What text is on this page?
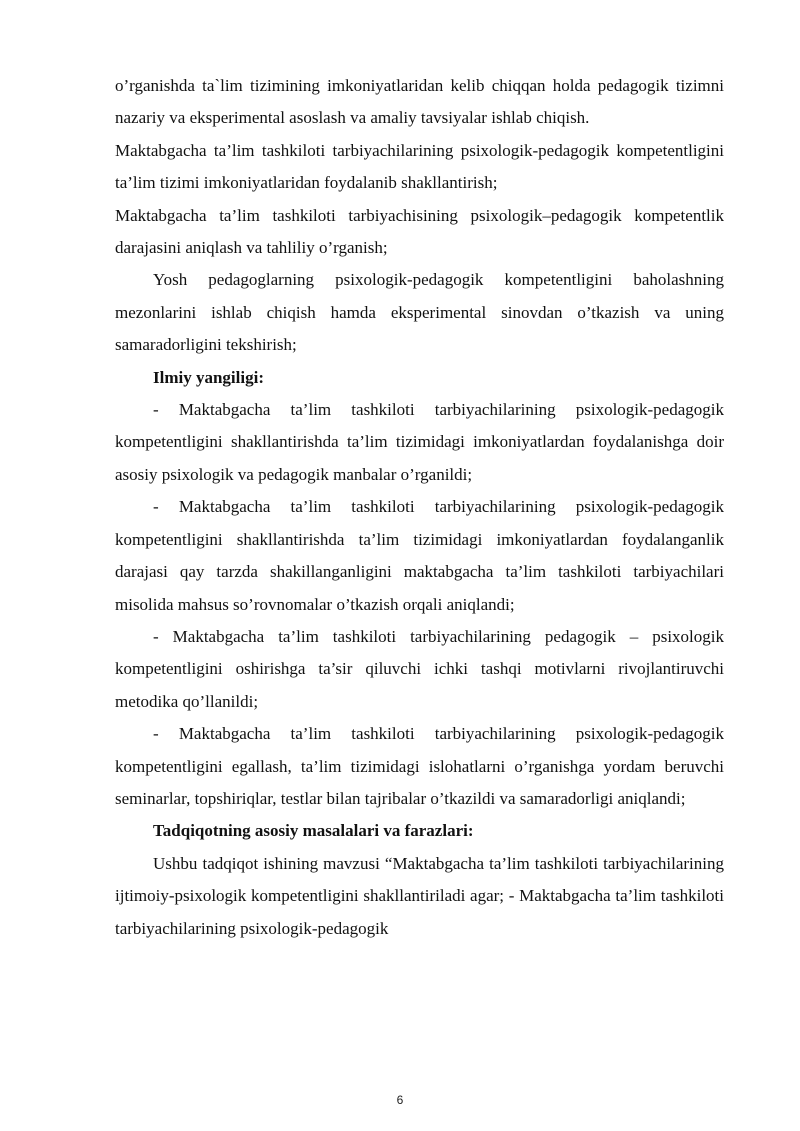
o’rganishda ta`lim tizimining imkoniyatlaridan kelib chiqqan holda pedagogik tizimni nazariy va eksperimental asoslash va amaliy tavsiyalar ishlab chiqish.

Maktabgacha ta’lim tashkiloti tarbiyachilarining psixologik-pedagogik kompetentligini ta’lim tizimi imkoniyatlaridan foydalanib shakllantirish;

Maktabgacha ta’lim tashkiloti tarbiyachisining psixologik–pedagogik kompetentlik darajasini aniqlash va tahliliy o’rganish;

Yosh pedagoglarning psixologik-pedagogik kompetentligini baholashning mezonlarini ishlab chiqish hamda eksperimental sinovdan o’tkazish va uning samaradorligini tekshirish;

Ilmiy yangiligi:

- Maktabgacha ta’lim tashkiloti tarbiyachilarining psixologik-pedagogik kompetentligini shakllantirishda ta’lim tizimidagi imkoniyatlardan foydalanishga doir asosiy psixologik va pedagogik manbalar o’rganildi;

- Maktabgacha ta’lim tashkiloti tarbiyachilarining psixologik-pedagogik kompetentligini shakllantirishda ta’lim tizimidagi imkoniyatlardan foydalanganlik darajasi qay tarzda shakillanganligini maktabgacha ta’lim tashkiloti tarbiyachilari misolida mahsus so’rovnomalar o’tkazish orqali aniqlandi;

- Maktabgacha ta’lim tashkiloti tarbiyachilarining pedagogik – psixologik kompetentligini oshirishga ta’sir qiluvchi ichki tashqi motivlarni rivojlantiruvchi metodika qo’llanildi;

- Maktabgacha ta’lim tashkiloti tarbiyachilarining psixologik-pedagogik kompetentligini egallash, ta’lim tizimidagi islohatlarni o’rganishga yordam beruvchi seminarlar, topshiriqlar, testlar bilan tajribalar o’tkazildi va samaradorligi aniqlandi;

Tadqiqotning asosiy masalalari va farazlari:

Ushbu tadqiqot ishining mavzusi “Maktabgacha ta’lim tashkiloti tarbiyachilarining ijtimoiy-psixologik kompetentligini shakllantiriladi agar; - Maktabgacha ta’lim tashkiloti tarbiyachilarining psixologik-pedagogik

6
